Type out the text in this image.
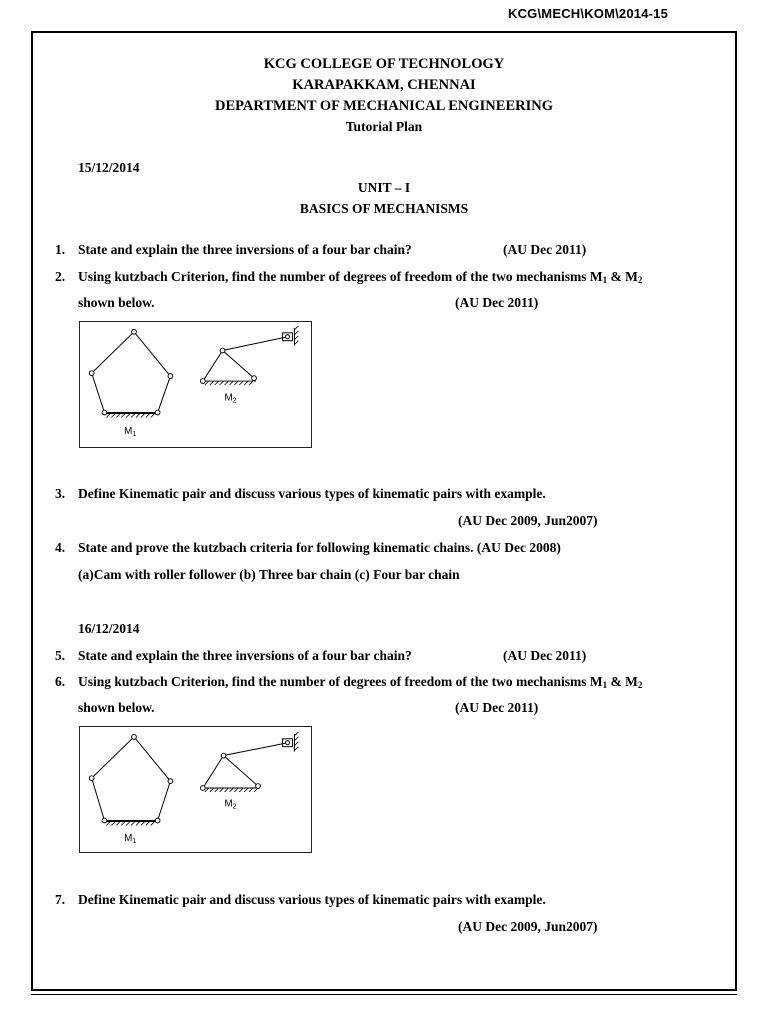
KCG\MECH\KOM\2014-15
KCG COLLEGE OF TECHNOLOGY
KARAPAKKAM, CHENNAI
DEPARTMENT OF MECHANICAL ENGINEERING
Tutorial Plan
15/12/2014
UNIT – I
BASICS OF MECHANISMS
1. State and explain the three inversions of a four bar chain?	(AU Dec 2011)
2. Using kutzbach Criterion, find the number of degrees of freedom of the two mechanisms $M_1$ & $M_2$
shown below.	(AU Dec 2011)
$M_1$
$M_2$
3. Define Kinematic pair and discuss various types of kinematic pairs with example.
(AU Dec 2009, Jun2007)
4. State and prove the kutzbach criteria for following kinematic chains. (AU Dec 2008)
(a)Cam with roller follower (b) Three bar chain (c) Four bar chain
16/12/2014
5. State and explain the three inversions of a four bar chain?	(AU Dec 2011)
6. Using kutzbach Criterion, find the number of degrees of freedom of the two mechanisms $M_1$ & $M_2$
shown below.	(AU Dec 2011)
$M_1$
$M_2$
7. Define Kinematic pair and discuss various types of kinematic pairs with example.
(AU Dec 2009, Jun2007)
